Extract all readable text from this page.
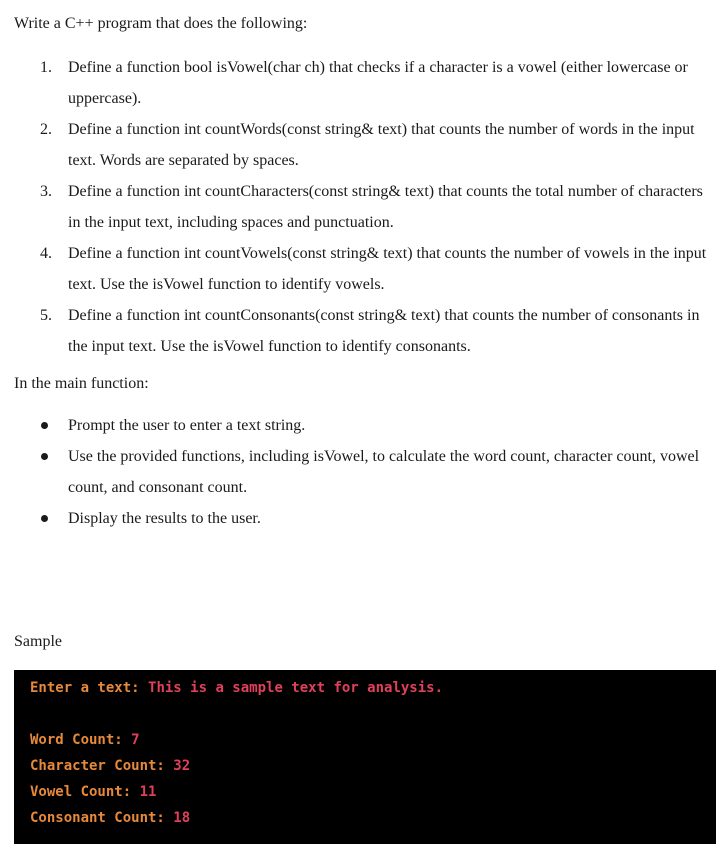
Write a C++ program that does the following:

1. Define a function bool isVowel(char ch) that checks if a character is a vowel (either lowercase or uppercase).
2. Define a function int countWords(const string& text) that counts the number of words in the input text. Words are separated by spaces.
3. Define a function int countCharacters(const string& text) that counts the total number of characters in the input text, including spaces and punctuation.
4. Define a function int countVowels(const string& text) that counts the number of vowels in the input text. Use the isVowel function to identify vowels.
5. Define a function int countConsonants(const string& text) that counts the number of consonants in the input text. Use the isVowel function to identify consonants.

In the main function:

Prompt the user to enter a text string.
Use the provided functions, including isVowel, to calculate the word count, character count, vowel count, and consonant count.
Display the results to the user.

Sample

Enter a text: This is a sample text for analysis.
Word Count: 7
Character Count: 32
Vowel Count: 11
Consonant Count: 18
